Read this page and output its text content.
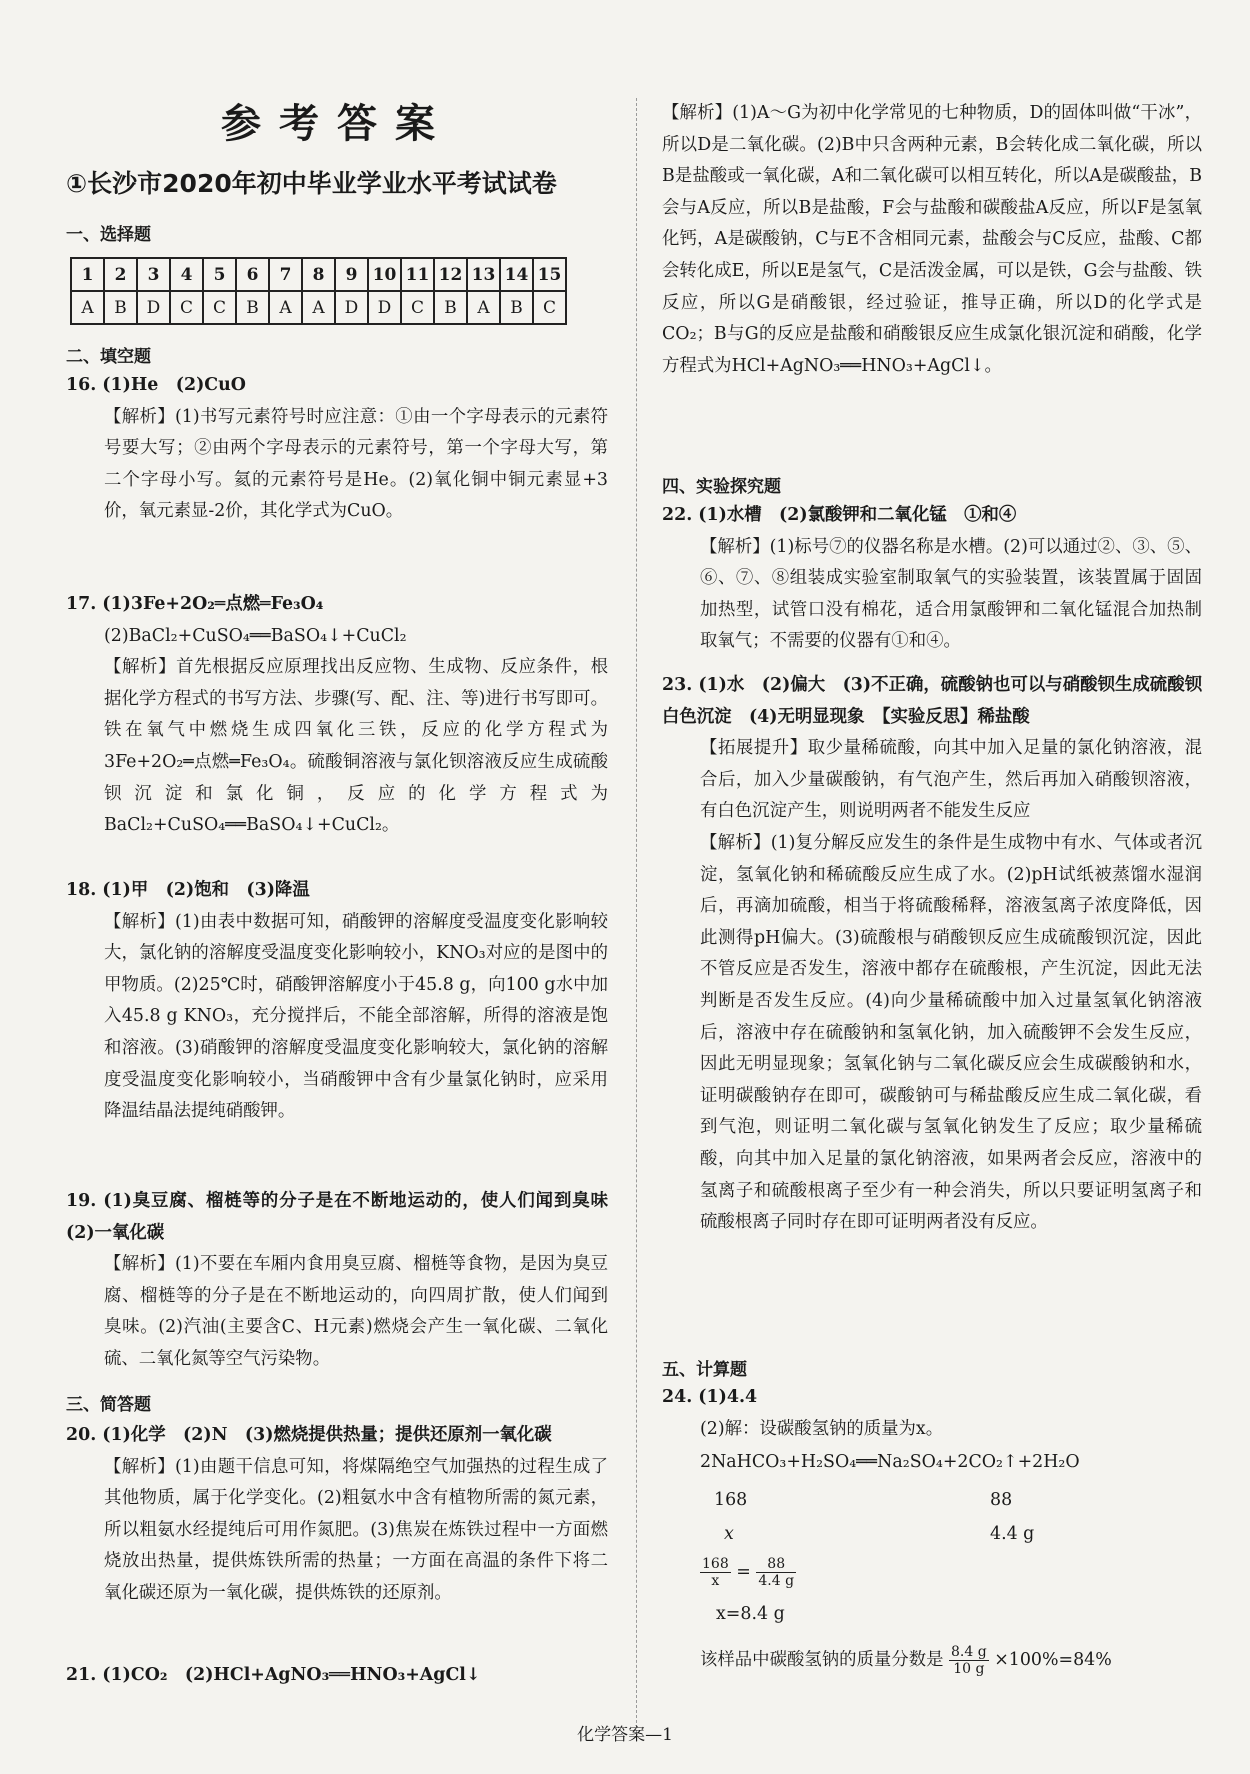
参考答案
①长沙市2020年初中毕业学业水平考试试卷
一、选择题
1	2	3	4	5	6	7	8	9	10	11	12	13	14	15
A	B	D	C	C	B	A	A	D	D	C	B	A	B	C
二、填空题
16. (1)He　(2)CuO
【解析】(1)书写元素符号时应注意：①由一个字母表示的元素符号要大写；②由两个字母表示的元素符号，第一个字母大写，第二个字母小写。氦的元素符号是He。(2)氧化铜中铜元素显+3价，氧元素显-2价，其化学式为CuO。
17. (1)3Fe+2O₂═点燃═Fe₃O₄
(2)BaCl₂+CuSO₄══BaSO₄↓+CuCl₂
【解析】首先根据反应原理找出反应物、生成物、反应条件，根据化学方程式的书写方法、步骤(写、配、注、等)进行书写即可。铁在氧气中燃烧生成四氧化三铁，反应的化学方程式为3Fe+2O₂═点燃═Fe₃O₄。硫酸铜溶液与氯化钡溶液反应生成硫酸钡沉淀和氯化铜，反应的化学方程式为BaCl₂+CuSO₄══BaSO₄↓+CuCl₂。
18. (1)甲　(2)饱和　(3)降温
【解析】(1)由表中数据可知，硝酸钾的溶解度受温度变化影响较大，氯化钠的溶解度受温度变化影响较小，KNO₃对应的是图中的甲物质。(2)25℃时，硝酸钾溶解度小于45.8 g，向100 g水中加入45.8 g KNO₃，充分搅拌后，不能全部溶解，所得的溶液是饱和溶液。(3)硝酸钾的溶解度受温度变化影响较大，氯化钠的溶解度受温度变化影响较小，当硝酸钾中含有少量氯化钠时，应采用降温结晶法提纯硝酸钾。
19. (1)臭豆腐、榴梿等的分子是在不断地运动的，使人们闻到臭味　(2)一氧化碳
【解析】(1)不要在车厢内食用臭豆腐、榴梿等食物，是因为臭豆腐、榴梿等的分子是在不断地运动的，向四周扩散，使人们闻到臭味。(2)汽油(主要含C、H元素)燃烧会产生一氧化碳、二氧化硫、二氧化氮等空气污染物。
三、简答题
20. (1)化学　(2)N　(3)燃烧提供热量；提供还原剂一氧化碳
【解析】(1)由题干信息可知，将煤隔绝空气加强热的过程生成了其他物质，属于化学变化。(2)粗氨水中含有植物所需的氮元素，所以粗氨水经提纯后可用作氮肥。(3)焦炭在炼铁过程中一方面燃烧放出热量，提供炼铁所需的热量；一方面在高温的条件下将二氧化碳还原为一氧化碳，提供炼铁的还原剂。
21. (1)CO₂　(2)HCl+AgNO₃══HNO₃+AgCl↓
【解析】(1)A～G为初中化学常见的七种物质，D的固体叫做“干冰”，所以D是二氧化碳。(2)B中只含两种元素，B会转化成二氧化碳，所以B是盐酸或一氧化碳，A和二氧化碳可以相互转化，所以A是碳酸盐，B会与A反应，所以B是盐酸，F会与盐酸和碳酸盐A反应，所以F是氢氧化钙，A是碳酸钠，C与E不含相同元素，盐酸会与C反应，盐酸、C都会转化成E，所以E是氢气，C是活泼金属，可以是铁，G会与盐酸、铁反应，所以G是硝酸银，经过验证，推导正确，所以D的化学式是CO₂；B与G的反应是盐酸和硝酸银反应生成氯化银沉淀和硝酸，化学方程式为HCl+AgNO₃══HNO₃+AgCl↓。
四、实验探究题
22. (1)水槽　(2)氯酸钾和二氧化锰　①和④
【解析】(1)标号⑦的仪器名称是水槽。(2)可以通过②、③、⑤、⑥、⑦、⑧组装成实验室制取氧气的实验装置，该装置属于固固加热型，试管口没有棉花，适合用氯酸钾和二氧化锰混合加热制取氧气；不需要的仪器有①和④。
23. (1)水　(2)偏大　(3)不正确，硫酸钠也可以与硝酸钡生成硫酸钡白色沉淀　(4)无明显现象　【实验反思】稀盐酸
【拓展提升】取少量稀硫酸，向其中加入足量的氯化钠溶液，混合后，加入少量碳酸钠，有气泡产生，然后再加入硝酸钡溶液，有白色沉淀产生，则说明两者不能发生反应
【解析】(1)复分解反应发生的条件是生成物中有水、气体或者沉淀，氢氧化钠和稀硫酸反应生成了水。(2)pH试纸被蒸馏水湿润后，再滴加硫酸，相当于将硫酸稀释，溶液氢离子浓度降低，因此测得pH偏大。(3)硫酸根与硝酸钡反应生成硫酸钡沉淀，因此不管反应是否发生，溶液中都存在硫酸根，产生沉淀，因此无法判断是否发生反应。(4)向少量稀硫酸中加入过量氢氧化钠溶液后，溶液中存在硫酸钠和氢氧化钠，加入硫酸钾不会发生反应，因此无明显现象；氢氧化钠与二氧化碳反应会生成碳酸钠和水，证明碳酸钠存在即可，碳酸钠可与稀盐酸反应生成二氧化碳，看到气泡，则证明二氧化碳与氢氧化钠发生了反应；取少量稀硫酸，向其中加入足量的氯化钠溶液，如果两者会反应，溶液中的氢离子和硫酸根离子至少有一种会消失，所以只要证明氢离子和硫酸根离子同时存在即可证明两者没有反应。
五、计算题
24. (1)4.4
(2)解：设碳酸氢钠的质量为x。
2NaHCO₃+H₂SO₄══Na₂SO₄+2CO₂↑+2H₂O
168	88
x	4.4 g
$\frac{168}{x} = \frac{88}{4.4 g}$
x=8.4 g
该样品中碳酸氢钠的质量分数是 $\frac{8.4 g}{10 g} \times 100\%=84\%$
化学答案—1
